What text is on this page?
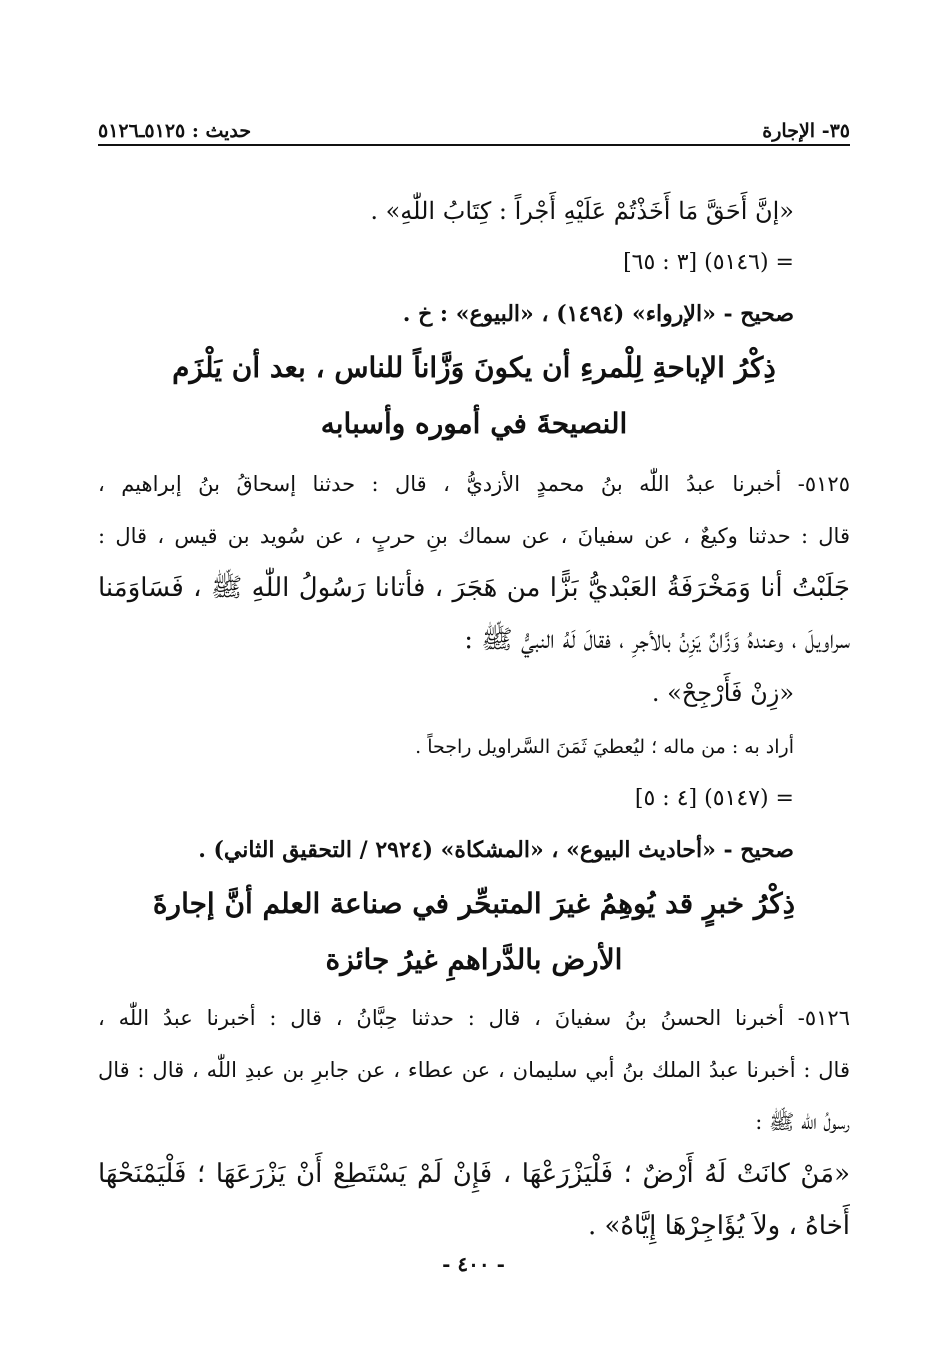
حديث : ٥١٢٥ـ٥١٢٦	٣٥- الإجارة
«إنَّ أَحَقَّ مَا أَخَذْتُمْ عَلَيْهِ أَجْراً : كِتَابُ اللّٰهِ» .
= (٥١٤٦) [٣ : ٦٥]
صحيح - «الإرواء» (١٤٩٤) ، «البيوع» : خ .
ذِكْرُ الإباحةِ لِلْمرءِ أن يكونَ وَزَّاناً للناس ، بعد أن يَلْزَم
النصيحةَ في أموره وأسبابه
٥١٢٥- أخبرنا عبدُ اللّٰه بنُ محمدٍ الأزديُّ ، قال : حدثنا إسحاقُ بنُ إبراهيم ،
قال : حدثنا وكيعٌ ، عن سفيانَ ، عن سماك بنِ حربٍ ، عن سُويد بن قيس ، قال :
جَلَبْتُ أنا وَمَخْرَفَةُ العَبْديُّ بَزًّا من هَجَرَ ، فأتانا رَسُولُ اللّٰهِ ﷺ ، فَسَاوَمَنا
سراويلَ ، وعندهُ وَزَّانٌ يَزِنُ بالأجرِ ، فقالَ لَهُ النبيُّ ﷺ :
«زِنْ فَأَرْجِحْ» .
أراد به : من ماله ؛ ليُعطيَ ثَمَنَ السَّراويل راجحاً .
= (٥١٤٧) [٤ : ٥]
صحيح - «أحاديث البيوع» ، «المشكاة» (٢٩٢٤ / التحقيق الثاني) .
ذِكْرُ خبرٍ قد يُوهِمُ غيرَ المتبحِّر في صناعة العلم أنَّ إجارةَ
الأرض بالدَّراهمِ غيرُ جائزة
٥١٢٦- أخبرنا الحسنُ بنُ سفيانَ ، قال : حدثنا حِبَّانُ ، قال : أخبرنا عبدُ اللّٰه ،
قال : أخبرنا عبدُ الملك بنُ أبي سليمان ، عن عطاء ، عن جابرِ بن عبدِ اللّٰه ، قال : قال
رسولُ اللّٰه ﷺ :
«مَنْ كانَتْ لَهُ أَرْضٌ ؛ فَلْيَزْرَعْهَا ، فَإِنْ لَمْ يَسْتَطِعْ أَنْ يَزْرَعَهَا ؛ فَلْيَمْنَحْهَا
أَخاهُ ، ولاَ يُؤَاجِرْهَا إِيَّاهُ» .
- ٤٠٠ -
